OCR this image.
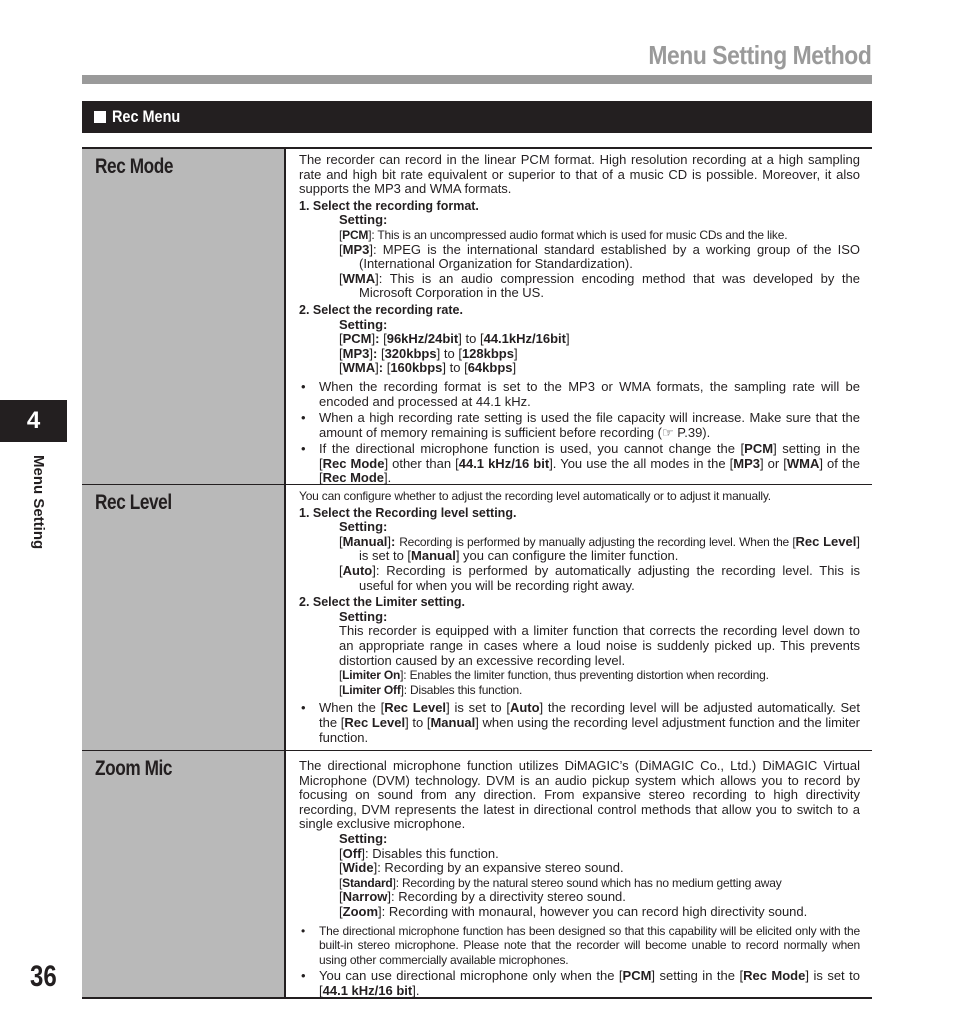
Menu Setting Method
Rec Menu
Rec Mode	The recorder can record in the linear PCM format. High resolution recording at a high sampling rate and high bit rate equivalent or superior to that of a music CD is possible. Moreover, it also supports the MP3 and WMA formats.
1. Select the recording format.
Setting:
[PCM]: This is an uncompressed audio format which is used for music CDs and the like.
[MP3]: MPEG is the international standard established by a working group of the ISO (International Organization for Standardization).
[WMA]: This is an audio compression encoding method that was developed by the Microsoft Corporation in the US.
2. Select the recording rate.
Setting:
[PCM]: [96kHz/24bit] to [44.1kHz/16bit]
[MP3]: [320kbps] to [128kbps]
[WMA]: [160kbps] to [64kbps]
• When the recording format is set to the MP3 or WMA formats, the sampling rate will be encoded and processed at 44.1 kHz.
• When a high recording rate setting is used the file capacity will increase. Make sure that the amount of memory remaining is sufficient before recording (☞ P.39).
• If the directional microphone function is used, you cannot change the [PCM] setting in the [Rec Mode] other than [44.1 kHz/16 bit]. You use the all modes in the [MP3] or [WMA] of the [Rec Mode].
Rec Level	You can configure whether to adjust the recording level automatically or to adjust it manually.
1. Select the Recording level setting.
Setting:
[Manual]: Recording is performed by manually adjusting the recording level. When the [Rec Level] is set to [Manual] you can configure the limiter function.
[Auto]: Recording is performed by automatically adjusting the recording level. This is useful for when you will be recording right away.
2. Select the Limiter setting.
Setting:
This recorder is equipped with a limiter function that corrects the recording level down to an appropriate range in cases where a loud noise is suddenly picked up. This prevents distortion caused by an excessive recording level.
[Limiter On]: Enables the limiter function, thus preventing distortion when recording.
[Limiter Off]: Disables this function.
• When the [Rec Level] is set to [Auto] the recording level will be adjusted automatically. Set the [Rec Level] to [Manual] when using the recording level adjustment function and the limiter function.
Zoom Mic	The directional microphone function utilizes DiMAGIC’s (DiMAGIC Co., Ltd.) DiMAGIC Virtual Microphone (DVM) technology. DVM is an audio pickup system which allows you to record by focusing on sound from any direction. From expansive stereo recording to high directivity recording, DVM represents the latest in directional control methods that allow you to switch to a single exclusive microphone.
Setting:
[Off]: Disables this function.
[Wide]: Recording by an expansive stereo sound.
[Standard]: Recording by the natural stereo sound which has no medium getting away
[Narrow]: Recording by a directivity stereo sound.
[Zoom]: Recording with monaural, however you can record high directivity sound.
• The directional microphone function has been designed so that this capability will be elicited only with the built-in stereo microphone. Please note that the recorder will become unable to record normally when using other commercially available microphones.
• You can use directional microphone only when the [PCM] setting in the [Rec Mode] is set to [44.1 kHz/16 bit].
4
Menu Setting
36
